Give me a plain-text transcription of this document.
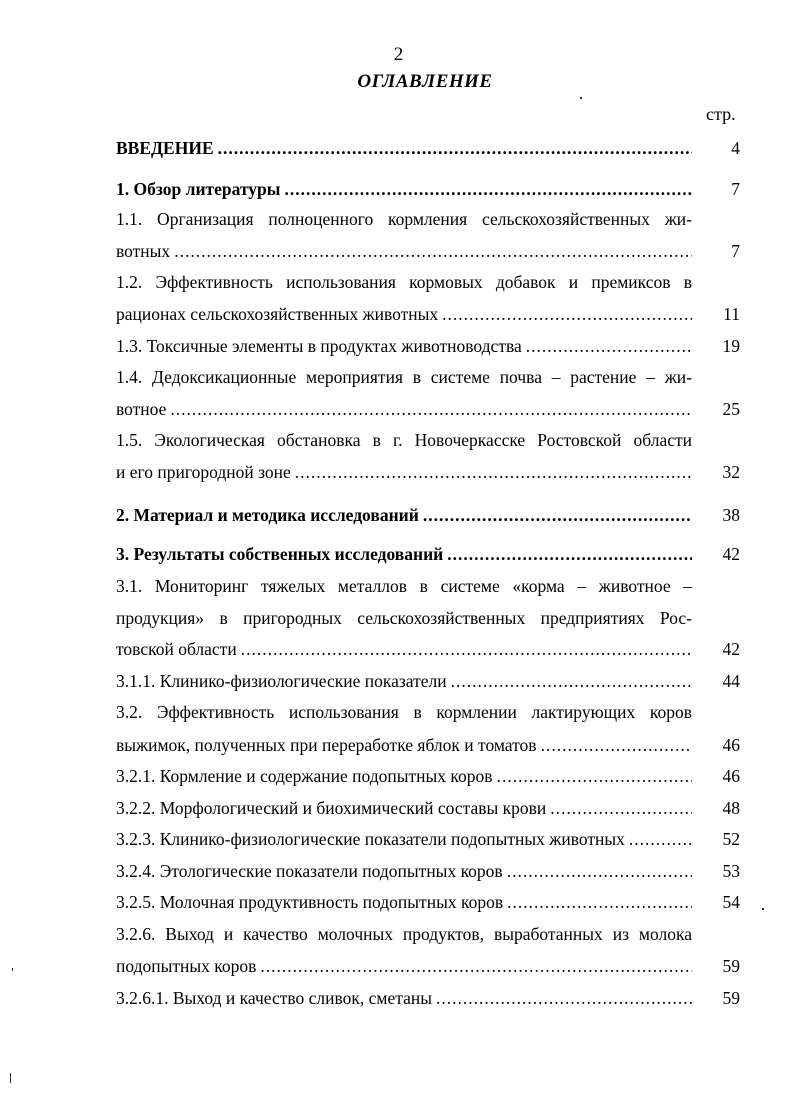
2
ОГЛАВЛЕНИЕ
стр.
ВВЕДЕНИЕ .....	4
1. Обзор литературы .....	7
1.1. Организация полноценного кормления сельскохозяйственных жи-
вотных .....	7
1.2. Эффективность использования кормовых добавок и премиксов в
рационах сельскохозяйственных животных .....	11
1.3. Токсичные элементы в продуктах животноводства .....	19
1.4. Дедоксикационные мероприятия в системе почва – растение – жи-
вотное .....	25
1.5. Экологическая обстановка в г. Новочеркасске Ростовской области
и его пригородной зоне .....	32
2. Материал и методика исследований .....	38
3. Результаты собственных исследований .....	42
3.1. Мониторинг тяжелых металлов в системе «корма – животное –
продукция» в пригородных сельскохозяйственных предприятиях Рос-
товской области .....	42
3.1.1. Клинико-физиологические показатели .....	44
3.2. Эффективность использования в кормлении лактирующих коров
выжимок, полученных при переработке яблок и томатов .....	46
3.2.1. Кормление и содержание подопытных коров .....	46
3.2.2. Морфологический и биохимический составы крови .....	48
3.2.3. Клинико-физиологические показатели подопытных животных .....	52
3.2.4. Этологические показатели подопытных коров .....	53
3.2.5. Молочная продуктивность подопытных коров .....	54
3.2.6. Выход и качество молочных продуктов, выработанных из молока
подопытных коров .....	59
3.2.6.1. Выход и качество сливок, сметаны .....	59
